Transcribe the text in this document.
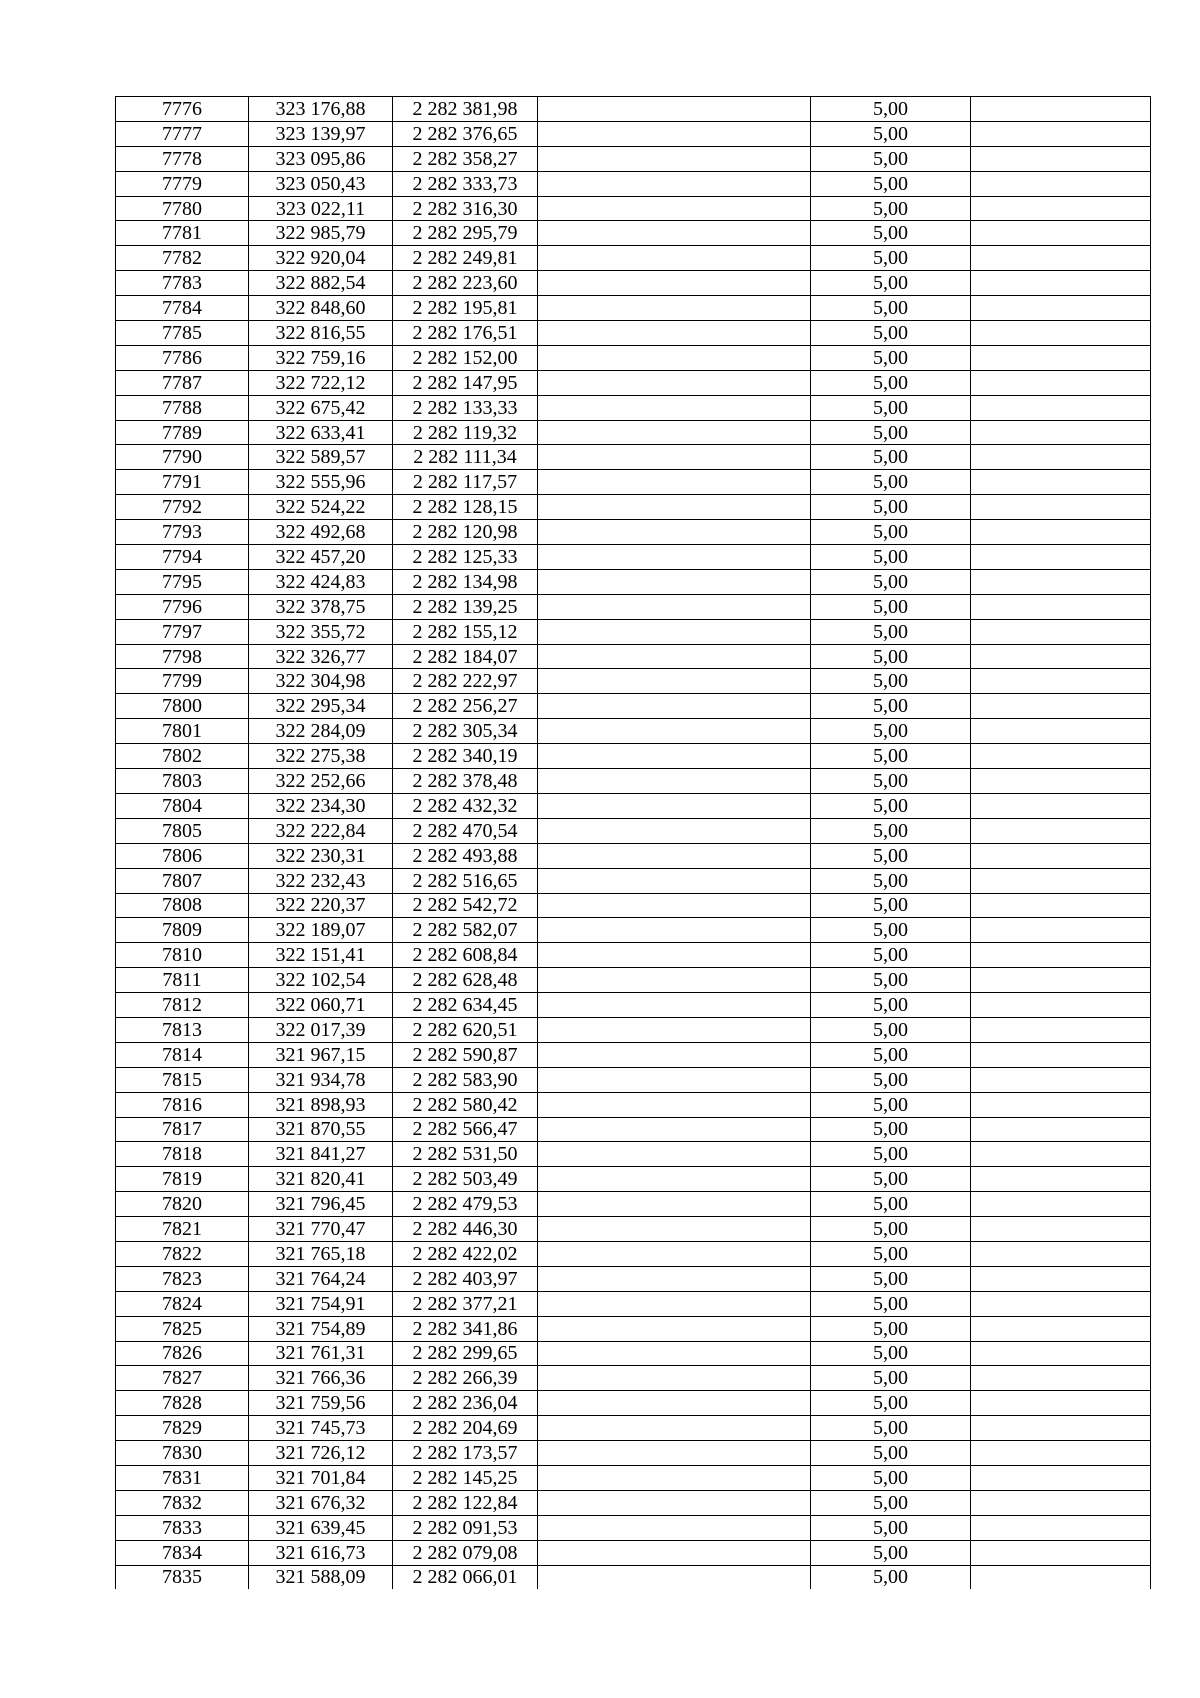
7776	323 176,88	2 282 381,98		5,00	
7777	323 139,97	2 282 376,65		5,00	
7778	323 095,86	2 282 358,27		5,00	
7779	323 050,43	2 282 333,73		5,00	
7780	323 022,11	2 282 316,30		5,00	
7781	322 985,79	2 282 295,79		5,00	
7782	322 920,04	2 282 249,81		5,00	
7783	322 882,54	2 282 223,60		5,00	
7784	322 848,60	2 282 195,81		5,00	
7785	322 816,55	2 282 176,51		5,00	
7786	322 759,16	2 282 152,00		5,00	
7787	322 722,12	2 282 147,95		5,00	
7788	322 675,42	2 282 133,33		5,00	
7789	322 633,41	2 282 119,32		5,00	
7790	322 589,57	2 282 111,34		5,00	
7791	322 555,96	2 282 117,57		5,00	
7792	322 524,22	2 282 128,15		5,00	
7793	322 492,68	2 282 120,98		5,00	
7794	322 457,20	2 282 125,33		5,00	
7795	322 424,83	2 282 134,98		5,00	
7796	322 378,75	2 282 139,25		5,00	
7797	322 355,72	2 282 155,12		5,00	
7798	322 326,77	2 282 184,07		5,00	
7799	322 304,98	2 282 222,97		5,00	
7800	322 295,34	2 282 256,27		5,00	
7801	322 284,09	2 282 305,34		5,00	
7802	322 275,38	2 282 340,19		5,00	
7803	322 252,66	2 282 378,48		5,00	
7804	322 234,30	2 282 432,32		5,00	
7805	322 222,84	2 282 470,54		5,00	
7806	322 230,31	2 282 493,88		5,00	
7807	322 232,43	2 282 516,65		5,00	
7808	322 220,37	2 282 542,72		5,00	
7809	322 189,07	2 282 582,07		5,00	
7810	322 151,41	2 282 608,84		5,00	
7811	322 102,54	2 282 628,48		5,00	
7812	322 060,71	2 282 634,45		5,00	
7813	322 017,39	2 282 620,51		5,00	
7814	321 967,15	2 282 590,87		5,00	
7815	321 934,78	2 282 583,90		5,00	
7816	321 898,93	2 282 580,42		5,00	
7817	321 870,55	2 282 566,47		5,00	
7818	321 841,27	2 282 531,50		5,00	
7819	321 820,41	2 282 503,49		5,00	
7820	321 796,45	2 282 479,53		5,00	
7821	321 770,47	2 282 446,30		5,00	
7822	321 765,18	2 282 422,02		5,00	
7823	321 764,24	2 282 403,97		5,00	
7824	321 754,91	2 282 377,21		5,00	
7825	321 754,89	2 282 341,86		5,00	
7826	321 761,31	2 282 299,65		5,00	
7827	321 766,36	2 282 266,39		5,00	
7828	321 759,56	2 282 236,04		5,00	
7829	321 745,73	2 282 204,69		5,00	
7830	321 726,12	2 282 173,57		5,00	
7831	321 701,84	2 282 145,25		5,00	
7832	321 676,32	2 282 122,84		5,00	
7833	321 639,45	2 282 091,53		5,00	
7834	321 616,73	2 282 079,08		5,00	
7835	321 588,09	2 282 066,01		5,00	
